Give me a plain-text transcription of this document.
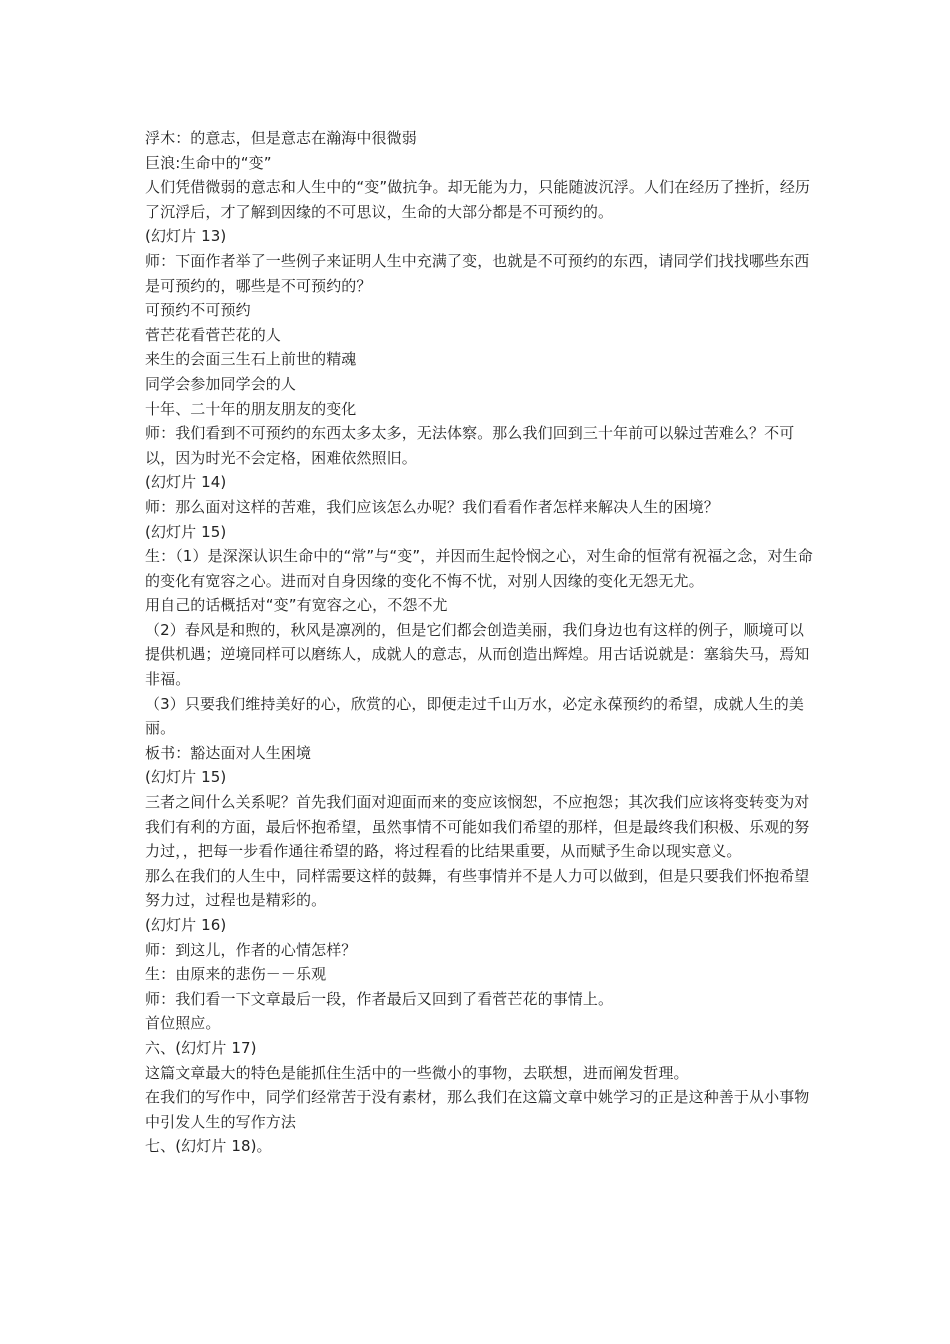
浮木：的意志，但是意志在瀚海中很微弱

巨浪:生命中的“变”

人们凭借微弱的意志和人生中的“变”做抗争。却无能为力，只能随波沉浮。人们在经历了挫折，经历了沉浮后，才了解到因缘的不可思议，生命的大部分都是不可预约的。

(幻灯片 13)

师：下面作者举了一些例子来证明人生中充满了变，也就是不可预约的东西，请同学们找找哪些东西是可预约的，哪些是不可预约的？

可预约不可预约

菅芒花看菅芒花的人

来生的会面三生石上前世的精魂

同学会参加同学会的人

十年、二十年的朋友朋友的变化

师：我们看到不可预约的东西太多太多，无法体察。那么我们回到三十年前可以躲过苦难么？不可以，因为时光不会定格，困难依然照旧。

(幻灯片 14)

师：那么面对这样的苦难，我们应该怎么办呢？我们看看作者怎样来解决人生的困境？

(幻灯片 15)

生：（1）是深深认识生命中的“常”与“变”，并因而生起怜悯之心，对生命的恒常有祝福之念，对生命的变化有宽容之心。进而对自身因缘的变化不悔不忧，对别人因缘的变化无怨无尤。

用自己的话概括对“变”有宽容之心，不怨不尤

（2）春风是和煦的，秋风是凛冽的，但是它们都会创造美丽，我们身边也有这样的例子，顺境可以提供机遇；逆境同样可以磨练人，成就人的意志，从而创造出辉煌。用古话说就是：塞翁失马，焉知非福。

（3）只要我们维持美好的心，欣赏的心，即便走过千山万水，必定永葆预约的希望，成就人生的美丽。

板书：豁达面对人生困境

(幻灯片 15)

三者之间什么关系呢？首先我们面对迎面而来的变应该悯恕，不应抱怨；其次我们应该将变转变为对我们有利的方面，最后怀抱希望，虽然事情不可能如我们希望的那样，但是最终我们积极、乐观的努力过，，把每一步看作通往希望的路，将过程看的比结果重要，从而赋予生命以现实意义。

那么在我们的人生中，同样需要这样的鼓舞，有些事情并不是人力可以做到，但是只要我们怀抱希望努力过，过程也是精彩的。

(幻灯片 16)

师：到这儿，作者的心情怎样？

生：由原来的悲伤－－乐观

师：我们看一下文章最后一段，作者最后又回到了看菅芒花的事情上。

首位照应。

六、(幻灯片 17)

这篇文章最大的特色是能抓住生活中的一些微小的事物，去联想，进而阐发哲理。

在我们的写作中，同学们经常苦于没有素材，那么我们在这篇文章中姚学习的正是这种善于从小事物中引发人生的写作方法

七、(幻灯片 18)。
